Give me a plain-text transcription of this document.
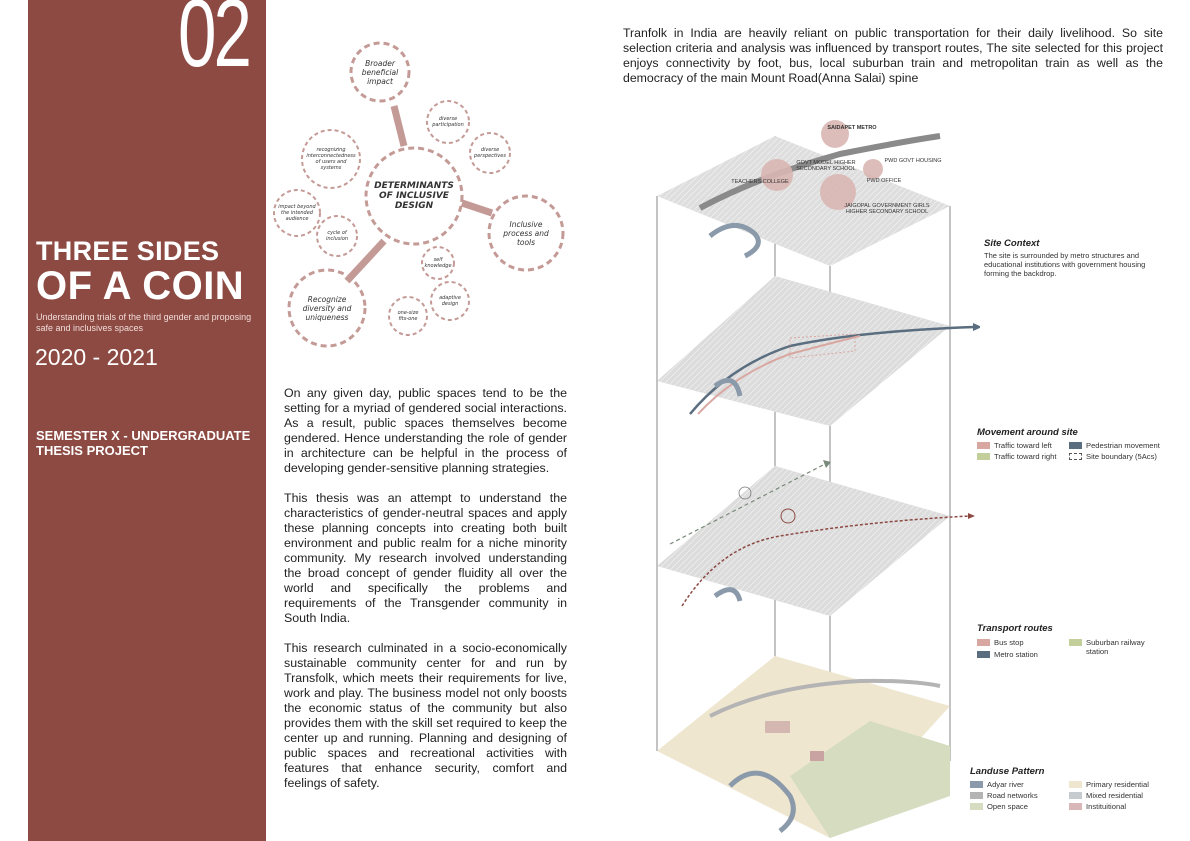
02
THREE SIDES
OF A COIN
Understanding trials of the third gender and proposing safe and inclusives spaces
2020 - 2021
SEMESTER X - UNDERGRADUATE THESIS PROJECT
DETERMINANTS OF INCLUSIVE DESIGN
Broader beneficial impact
Inclusive process and tools
Recognize diversity and uniqueness
diverse participation
diverse perspectives
recognizing interconnectedness of users and systems
impact beyond the intended audience
cycle of inclusion
self knowledge
adaptive design
one-size fits-one

On any given day, public spaces tend to be the setting for a myriad of gendered social interactions. As a result, public spaces themselves become gendered. Hence understanding the role of gender in architecture can be helpful in the process of developing gender-sensitive planning strategies.

This thesis was an attempt to understand the characteristics of gender-neutral spaces and apply these planning concepts into creating both built environment and public realm for a niche minority community. My research involved understanding the broad concept of gender fluidity all over the world and specifically the problems and requirements of the Transgender community in South India.

This research culminated in a socio-economically sustainable community center for and run by Transfolk, which meets their requirements for live, work and play. The business model not only boosts the economic status of the community but also provides them with the skill set required to keep the center up and running. Planning and designing of public spaces and recreational activities with features that enhance security, comfort and feelings of safety.

Tranfolk in India are heavily reliant on public transportation for their daily livelihood. So site selection criteria and analysis was influenced by transport routes, The site selected for this project enjoys connectivity by foot, bus, local suburban train and metropolitan train as well as the democracy of the main Mount Road(Anna Salai) spine
SAIDAPET METRO
GOVT MODEL HIGHER SECONDARY SCHOOL
PWD GOVT HOUSING
TEACHERS COLLEGE	PWD OFFICE
JAIGOPAL GOVERNMENT GIRLS HIGHER SECONDARY SCHOOL
Site Context
The site is surrounded by metro structures and educational institutions with government housing forming the backdrop.
Movement around site
Traffic toward left
Traffic toward right
Pedestrian movement
Site boundary (5Acs)
Transport routes
Bus stop
Metro station
Suburban railway station
Landuse Pattern
Adyar river
Road networks
Open space
Primary residential
Mixed residential
Instituitional
